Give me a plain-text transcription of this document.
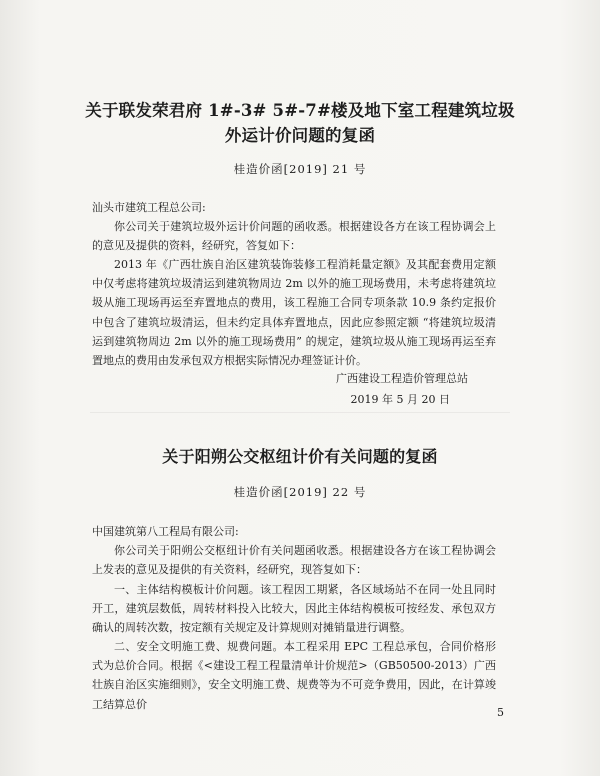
关于联发荣君府 1#-3# 5#-7#楼及地下室工程建筑垃圾
外运计价问题的复函
桂造价函[2019] 21 号
汕头市建筑工程总公司:

你公司关于建筑垃圾外运计价问题的函收悉。根据建设各方在该工程协调会上的意见及提供的资料，经研究，答复如下：

2013 年《广西壮族自治区建筑装饰装修工程消耗量定额》及其配套费用定额中仅考虑将建筑垃圾清运到建筑物周边 2m 以外的施工现场费用，未考虑将建筑垃圾从施工现场再运至弃置地点的费用，该工程施工合同专项条款 10.9 条约定报价中包含了建筑垃圾清运，但未约定具体弃置地点，因此应参照定额 “将建筑垃圾清运到建筑物周边 2m 以外的施工现场费用” 的规定，建筑垃圾从施工现场再运至弃置地点的费用由发承包双方根据实际情况办理签证计价。

广西建设工程造价管理总站
2019 年 5 月 20 日
关于阳朔公交枢纽计价有关问题的复函
桂造价函[2019] 22 号
中国建筑第八工程局有限公司:

你公司关于阳朔公交枢纽计价有关问题函收悉。根据建设各方在该工程协调会上发表的意见及提供的有关资料，经研究，现答复如下：

一、主体结构模板计价问题。该工程因工期紧，各区域场站不在同一处且同时开工，建筑层数低，周转材料投入比较大，因此主体结构模板可按经发、承包双方确认的周转次数，按定额有关规定及计算规则对摊销量进行调整。

二、安全文明施工费、规费问题。本工程采用 EPC 工程总承包，合同价格形式为总价合同。根据《<建设工程工程量清单计价规范>（GB50500-2013）广西壮族自治区实施细则》，安全文明施工费、规费等为不可竞争费用，因此，在计算竣工结算总价

5
